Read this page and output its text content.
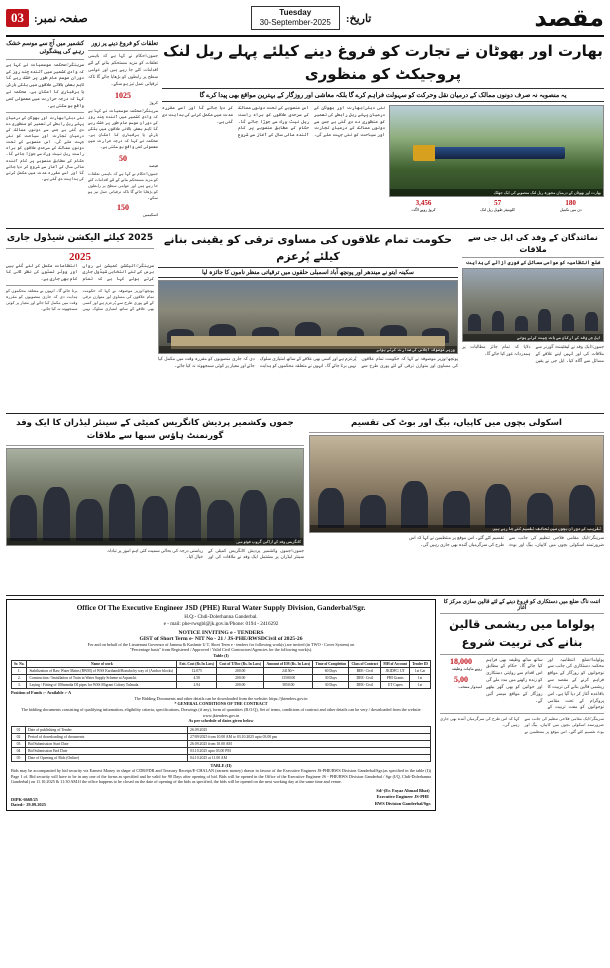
03 صفحہ نمبر:	Tuesday
30-September-2025 تاریخ:	مقصد
کشمیر میں آج سے موسم خشک رہنے کی پیشگوئی
سرینگر//محکمہ موسمیات نے کہا ہے کہ وادی کشمیر میں آئندہ چند روز کے دوران موسم عام طور پر خشک رہے گا تاہم بعض بالائی علاقوں میں ہلکی بارش یا برفباری کا امکان ہے۔ محکمہ نے کہا کہ درجہ حرارت میں معمولی کمی واقع ہو سکتی ہے۔
نئی دہلی//بھارت اور بھوٹان کے درمیان پہلے ریل رابطے کی تعمیر کو منظوری دے دی گئی ہے جس سے دونوں ممالک کے درمیان تجارت اور سیاحت کو نئی جہت ملے گی۔ اس منصوبے کے تحت دونوں ممالک کے سرحدی علاقوں کو براہ راست ریل نیٹ ورک سے جوڑا جائے گا۔ حکام کے مطابق منصوبے پر کام آئندہ مالی سال کے آغاز سے شروع کر دیا جائے گا اور اسے مقررہ مدت میں مکمل کرنے کی ہدایت دی گئی ہے۔
تعلقات کو فروغ دینے پر زور
جموں//حکام نے کہا ہے کہ باہمی تعلقات کو مزید مستحکم بنانے کے لئے اقدامات کئے جا رہے ہیں اور عوامی سطح پر رابطوں کو بڑھایا جائے گا تاکہ ترقیاتی عمل تیز ہو سکے۔
1025
کروڑ
سرینگر//محکمہ موسمیات نے کہا ہے کہ وادی کشمیر میں آئندہ چند روز کے دوران موسم عام طور پر خشک رہے گا تاہم بعض بالائی علاقوں میں ہلکی بارش یا برفباری کا امکان ہے۔ محکمہ نے کہا کہ درجہ حرارت میں معمولی کمی واقع ہو سکتی ہے۔
50
فیصد
جموں//حکام نے کہا ہے کہ باہمی تعلقات کو مزید مستحکم بنانے کے لئے اقدامات کئے جا رہے ہیں اور عوامی سطح پر رابطوں کو بڑھایا جائے گا تاکہ ترقیاتی عمل تیز ہو سکے۔
150
اسکیمیں
بھارت اور بھوٹان نے تجارت کو فروغ دینے کیلئے پہلے ریل لنک پروجیکٹ کو منظوری
یہ منصوبہ نہ صرف دونوں ممالک کے درمیان نقل وحرکت کو سہولت فراہم کرے گا بلکہ معاشی اور روزگار کے بہترین مواقع بھی پیدا کرے گا
نئی دہلی//بھارت اور بھوٹان کے درمیان پہلے ریل رابطے کی تعمیر کو منظوری دے دی گئی ہے جس سے دونوں ممالک کے درمیان تجارت اور سیاحت کو نئی جہت ملے گی۔ اس منصوبے کے تحت دونوں ممالک کے سرحدی علاقوں کو براہ راست ریل نیٹ ورک سے جوڑا جائے گا۔ حکام کے مطابق منصوبے پر کام آئندہ مالی سال کے آغاز سے شروع کر دیا جائے گا اور اسے مقررہ مدت میں مکمل کرنے کی ہدایت دی گئی ہے۔
بھارت اور بھوٹان کے درمیان مجوزہ ریل لنک منصوبے کی ایک جھلک
3,456
کروڑ روپے لاگت
57
کلومیٹر طویل ریل لنک
180
دن میں تکمیل
2025 کیلئے الیکشن شیڈول جاری
2025
سرینگر//الیکشن کمیشن نے رواں برس کے لئے انتخابی شیڈول جاری کرتے ہوئے کہا ہے کہ تمام انتظامات مکمل کر لئے گئے ہیں اور ووٹر لسٹوں کی نظر ثانی کا کام بھی جاری ہے۔
پونچھ//وزیر موصوفہ نے کہا کہ حکومت تمام علاقوں کی مساوی اور متوازن ترقی کے لئے پوری طرح سے پُرعزم ہے اور کسی بھی علاقے کے ساتھ امتیازی سلوک نہیں برتا جائے گا۔ انہوں نے متعلقہ محکموں کو ہدایت دی کہ جاری منصوبوں کو مقررہ وقت میں مکمل کیا جائے اور معیار پر کوئی سمجھوتہ نہ کیا جائے۔
حکومت تمام علاقوں کی مساوی ترقی کو یقینی بنانے کیلئے پُرعزم
سکینہ ایتو نے میندھر اور پونچھ آباد اسمبلی حلقوں میں ترقیاتی منظر ناموں کا جائزہ لیا
وزیر موصوفہ اجلاس کی صدارت کرتے ہوئے
پونچھ//وزیر موصوفہ نے کہا کہ حکومت تمام علاقوں کی مساوی اور متوازن ترقی کے لئے پوری طرح سے پُرعزم ہے اور کسی بھی علاقے کے ساتھ امتیازی سلوک نہیں برتا جائے گا۔ انہوں نے متعلقہ محکموں کو ہدایت دی کہ جاری منصوبوں کو مقررہ وقت میں مکمل کیا جائے اور معیار پر کوئی سمجھوتہ نہ کیا جائے۔
نمائندگان کے وفد کی ایل جی سے ملاقات
ضلع انتظامیہ کو عوامی مسائل کے فوری ازالے کی ہدایت
ایل جی وفد کے ارکان سے بات چیت کرتے ہوئے
جموں//ایک وفد نے لیفٹیننٹ گورنر سے ملاقات کی اور انہیں اپنے علاقے کے مسائل سے آگاہ کیا۔ ایل جی نے یقین دلایا کہ تمام جائز مطالبات پر ہمدردانہ غور کیا جائے گا۔
جموں وکشمیر پردیش کانگریس کمیٹی کے سینئر لیڈران کا ایک وفد گورنمنٹ ہاؤس سبھا سے ملاقات
کانگریس وفد کے اراکین گروپ فوٹو میں
جموں//جموں وکشمیر پردیش کانگریس کمیٹی کے سینئر لیڈران پر مشتمل ایک وفد نے ملاقات کی اور ریاستی درجہ کی بحالی سمیت کئی اہم امور پر تبادلہ خیال کیا۔
اسکولی بچوں میں کاپیاں، بیگ اور بوٹ کی تقسیم
تقریب کے دوران بچوں میں تحائف تقسیم کئے جا رہے ہیں
سرینگر//ایک مقامی فلاحی تنظیم کی جانب سے ضرورتمند اسکولی بچوں میں کاپیاں، بیگ اور بوٹ تقسیم کئے گئے۔ اس موقع پر منتظمین نے کہا کہ اس طرح کی سرگرمیاں آئندہ بھی جاری رہیں گی۔
Office Of The Executive Engineer JSD (PHE) Rural Water Supply Division, Ganderbal/Sgr.
H.Q:- Chdi-Dolerhanna Ganderbal.
e - mail: phe-rwsgbl@jk.gov.in/Phone: 0194 - 2416292
NOTICE INVITING e - TENDERS
GIST of Short Term e- NIT No - 21 / JS-PHE/RWSDCivil of 2025-26
For and on behalf of the Lieutenant Governor of Jammu & Kashmir U.T, Short Term e - tenders for following work(s) are invited (in TWO - Cover System) on
"Percentage basis" from Registered / Approved / Valid Civil Contractors/Agencies for the following work(s).
Table (I)
Sr. No.	Name of work	Estt. Cost (Rs In Lacs)	Cost of T/Doc (Rs. In Lacs)	Amount of EM (Rs. In Lacs)	Time of Completion	Class of Contract	MH of Account	Tender ID
1.	Stabilization of Raw Water Mains (RWM) of WSS Karthandi/Bonuba by way of (Anchor blocks)	12.075	200.00	24150/=	60 Days	BEE- Civil	JKIDFC/ UT	1st Cat
2.	Construction / Installation of Train in Water Supply Scheme at Arpanchi.	4.50	200.00	13500.00	30 Days	DEE- Civil	PHI Grants	1st
3.	Laying / Fitting of 100mmdia DI pipes for WSS Migrant Colony Tulmula.	2.94	200.00	5850.00	30 Days	DEE- Civil	UT Capex	1st
Position of Funds :- Available :- A
The Bidding Documents and other details can be downloaded from the website: https://jktenders.gov.in
* GENERAL CONDITIONS OF THE CONTRACT
The bidding documents consisting of qualifying information, eligibility criteria, specifications, Drawings (if any), form of quantities (B.O.Q), Set of terms, conditions of contract and other details can be very / downloaded from the website www.jktenders.gov.in
As per schedule of dates given below
01	Date of publishing of Tender	26.09.2025
02	Period of downloading of documents	27/09/2025 from 10.00 AM to 03.10.2025 upto 03.00 pm
03	Bid Submission Start Date	26.09.2025 from 10.00 AM
04	Bid Submission End Date	03.10.2025 upto 03.00 PM
05	Date of Opening of Bids (Online)	04.10.2025 at 11.00 AM
TABLE (II)
Bids may be accompanied by bid security viz Earnest Money in shape of CDR/FDR and Treasury Receipt/E-CHALAN (earnest money) drawn in favour of the Executive Engineer JS-PHE/RWS Division Ganderbal/Sgr.(as specified in the table (I)) Page 1 of. Bid security will have to be in any one of the forms as specified and be valid for 90 Days after opening of bid. Bids will be opened in the Office of the Executive Engineer JS - PHE/RWS Division Ganderbal / Sgr (I/Q, Chdi-Dolerhanna Ganderbal) on 11.10.2025 & 11:30 AM.If the office happens to be closed on the date of opening of the bids as specified, the bids will be opened on the next working day at the same time and venue.
DIPK-6668/25
Dated:- 29.09.2025
Sd/-(Er. Fayaz Ahmad Bhat)
Executive Engineer JS-PHE
RWS Division Ganderbal/Sgr.
اننت ناگ ضلع میں دستکاری کو فروغ دینے کے لئے قالین سازی مرکز کا آغاز
پولواما میں ریشمی قالین بنانے کی تربیت شروع
18,000
روپے ماہانہ وظیفہ
5,00
امیدوار منتخب
پولواما//ضلع انتظامیہ اور محکمہ دستکاری کی جانب سے نوجوانوں کو روزگار کے مواقع فراہم کرنے کے مقصد سے ریشمی قالین بنانے کی تربیت کا باقاعدہ آغاز کر دیا گیا ہے۔ اس پروگرام کے تحت مقامی نوجوانوں کو مفت تربیت کے ساتھ ساتھ وظیفہ بھی فراہم کیا جائے گا۔ حکام کے مطابق اس اقدام سے روایتی دستکاری کو زندہ رکھنے میں مدد ملے گی اور خواتین کو بھی گھر بیٹھے روزگار کے مواقع میسر آئیں گے۔
سرینگر//ایک مقامی فلاحی تنظیم کی جانب سے ضرورتمند اسکولی بچوں میں کاپیاں، بیگ اور بوٹ تقسیم کئے گئے۔ اس موقع پر منتظمین نے کہا کہ اس طرح کی سرگرمیاں آئندہ بھی جاری رہیں گی۔
